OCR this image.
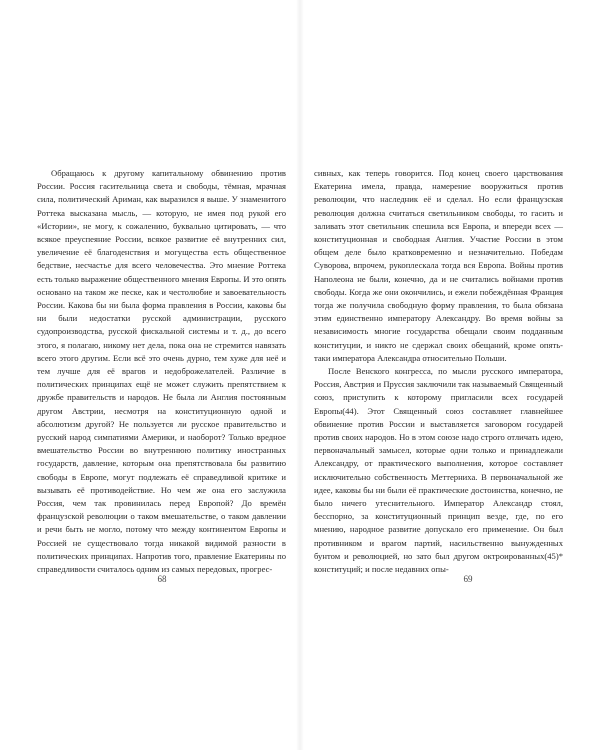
Обращаюсь к другому капитальному обвинению против России. Россия гасительница света и свободы, тёмная, мрачная сила, политический Ариман, как выразился я выше. У знаменитого Роттека высказана мысль, — которую, не имея под рукой его «Истории», не могу, к сожалению, буквально цитировать, — что всякое преуспеяние России, всякое развитие её внутренних сил, увеличение её благоденствия и могущества есть общественное бедствие, несчастье для всего человечества. Это мнение Роттека есть только выражение общественного мнения Европы. И это опять основано на таком же песке, как и честолюбие и завоевательность России. Какова бы ни была форма правления в России, каковы бы ни были недостатки русской администрации, русского судопроизводства, русской фискальной системы и т. д., до всего этого, я полагаю, никому нет дела, пока она не стремится навязать всего этого другим. Если всё это очень дурно, тем хуже для неё и тем лучше для её врагов и недоброжелателей. Различие в политических принципах ещё не может служить препятствием к дружбе правительств и народов. Не была ли Англия постоянным другом Австрии, несмотря на конституционную одной и абсолютизм другой? Не пользуется ли русское правительство и русский народ симпатиями Америки, и наоборот? Только вредное вмешательство России во внутреннюю политику иностранных государств, давление, которым она препятствовала бы развитию свободы в Европе, могут подлежать её справедливой критике и вызывать её противодействие. Но чем же она его заслужила Россия, чем так провинилась перед Европой? До времён французской революции о таком вмешательстве, о таком давлении и речи быть не могло, потому что между континентом Европы и Россией не существовало тогда никакой видимой разности в политических принципах. Напротив того, правление Екатерины по справедливости считалось одним из самых передовых, прогрес-

68

сивных, как теперь говорится. Под конец своего царствования Екатерина имела, правда, намерение вооружиться против революции, что наследник её и сделал. Но если французская революция должна считаться светильником свободы, то гасить и заливать этот светильник спешила вся Европа, и впереди всех — конституционная и свободная Англия. Участие России в этом общем деле было кратковременно и незначительно. Победам Суворова, впрочем, рукоплескала тогда вся Европа. Войны против Наполеона не были, конечно, да и не считались войнами против свободы. Когда же они окончились, и ежели побеждённая Франция тогда же получила свободную форму правления, то была обязана этим единственно императору Александру. Во время войны за независимость многие государства обещали своим подданным конституции, и никто не сдержал своих обещаний, кроме опять-таки императора Александра относительно Польши.

После Венского конгресса, по мысли русского императора, Россия, Австрия и Пруссия заключили так называемый Священный союз, приступить к которому пригласили всех государей Европы(44). Этот Священный союз составляет главнейшее обвинение против России и выставляется заговором государей против своих народов. Но в этом союзе надо строго отличать идею, первоначальный замысел, которые одни только и принадлежали Александру, от практического выполнения, которое составляет исключительно собственность Меттерниха. В первоначальной же идее, каковы бы ни были её практические достоинства, конечно, не было ничего утеснительного. Император Александр стоял, бесспорно, за конституционный принцип везде, где, по его мнению, народное развитие допускало его применение. Он был противником и врагом партий, насильственно вынужденных бунтом и революцией, но зато был другом октроированных(45)* конституций; и после недавних опы-

69
